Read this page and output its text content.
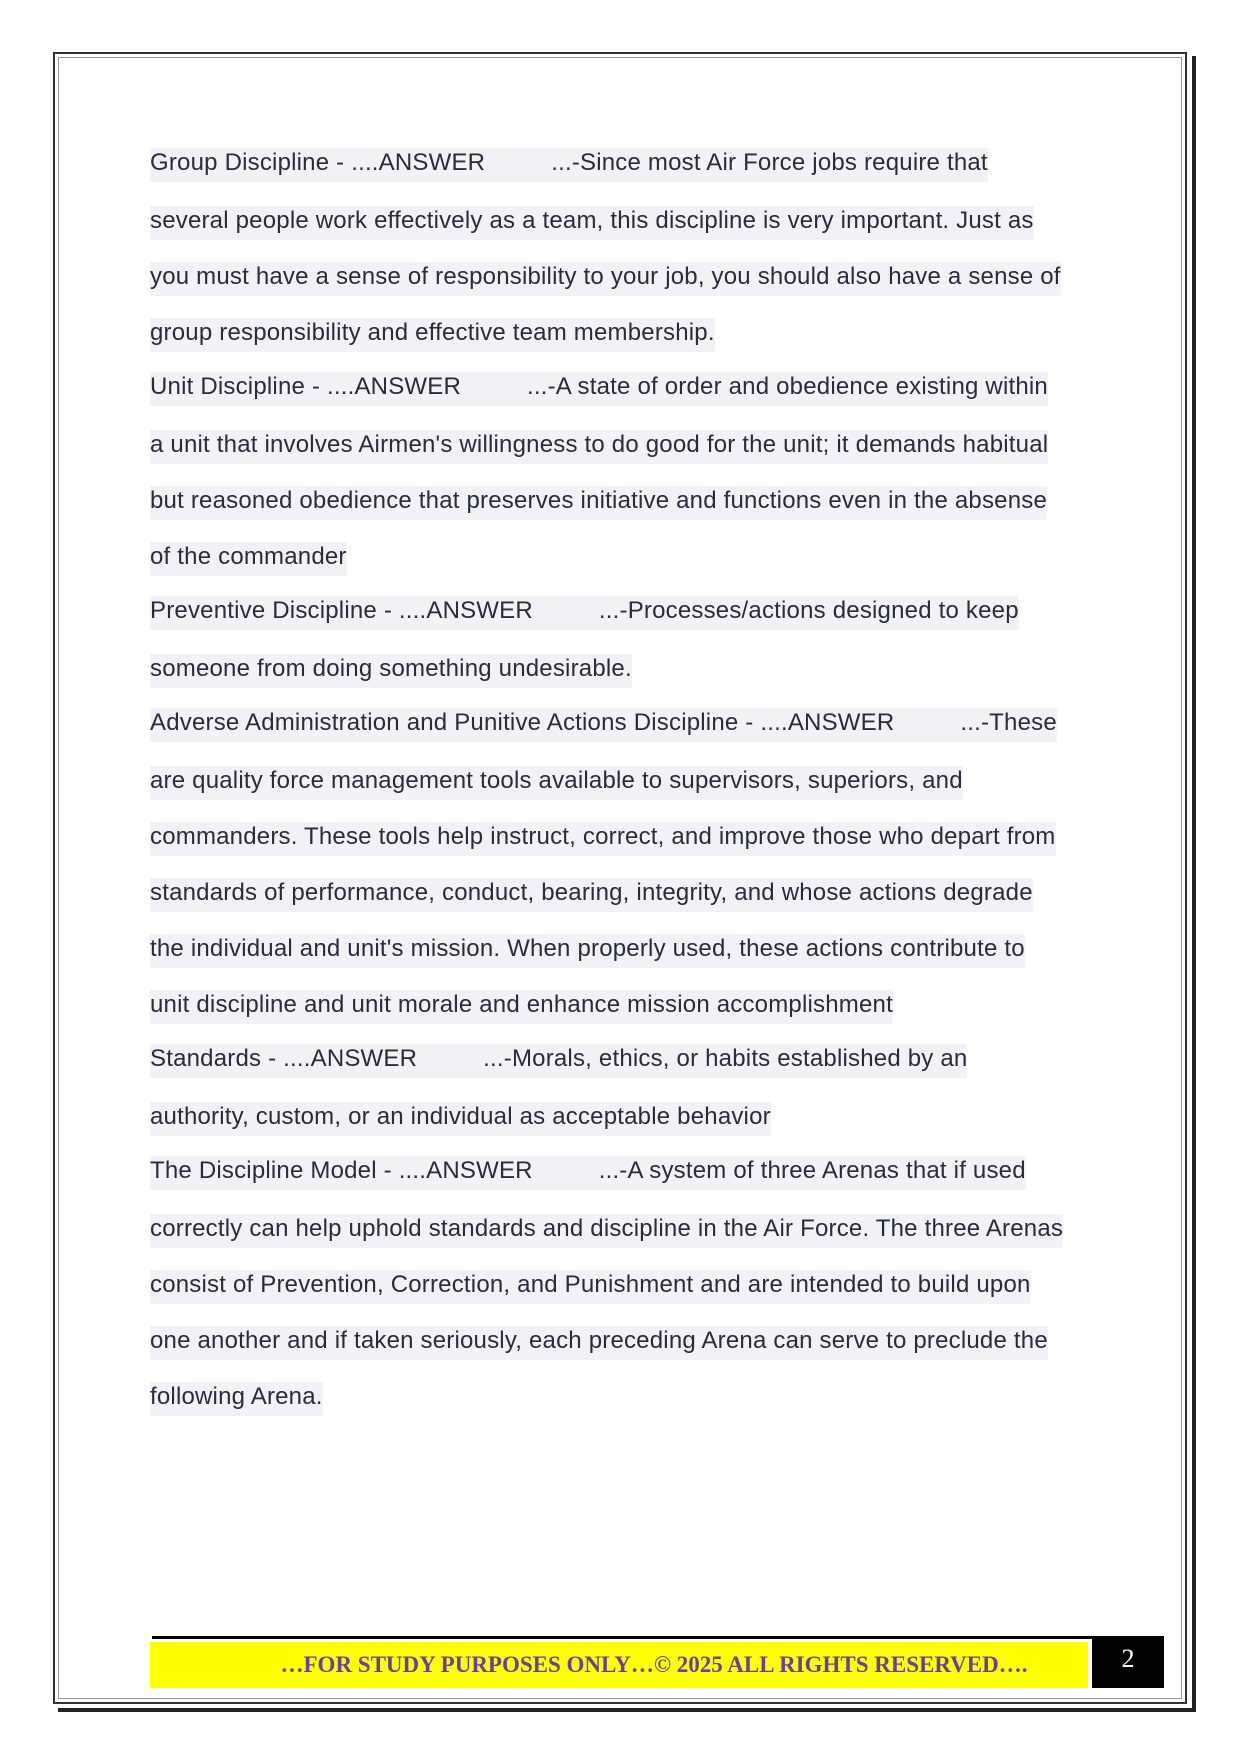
Group Discipline - ....ANSWER	...-Since most Air Force jobs require that

several people work effectively as a team, this discipline is very important. Just as

you must have a sense of responsibility to your job, you should also have a sense of

group responsibility and effective team membership.

Unit Discipline - ....ANSWER	...-A state of order and obedience existing within

a unit that involves Airmen's willingness to do good for the unit; it demands habitual

but reasoned obedience that preserves initiative and functions even in the absense

of the commander

Preventive Discipline - ....ANSWER	...-Processes/actions designed to keep

someone from doing something undesirable.

Adverse Administration and Punitive Actions Discipline - ....ANSWER	...-These

are quality force management tools available to supervisors, superiors, and

commanders. These tools help instruct, correct, and improve those who depart from

standards of performance, conduct, bearing, integrity, and whose actions degrade

the individual and unit's mission. When properly used, these actions contribute to

unit discipline and unit morale and enhance mission accomplishment

Standards - ....ANSWER	...-Morals, ethics, or habits established by an

authority, custom, or an individual as acceptable behavior

The Discipline Model - ....ANSWER	...-A system of three Arenas that if used

correctly can help uphold standards and discipline in the Air Force. The three Arenas

consist of Prevention, Correction, and Punishment and are intended to build upon

one another and if taken seriously, each preceding Arena can serve to preclude the

following Arena.

…FOR STUDY PURPOSES ONLY…© 2025 ALL RIGHTS RESERVED….	2
